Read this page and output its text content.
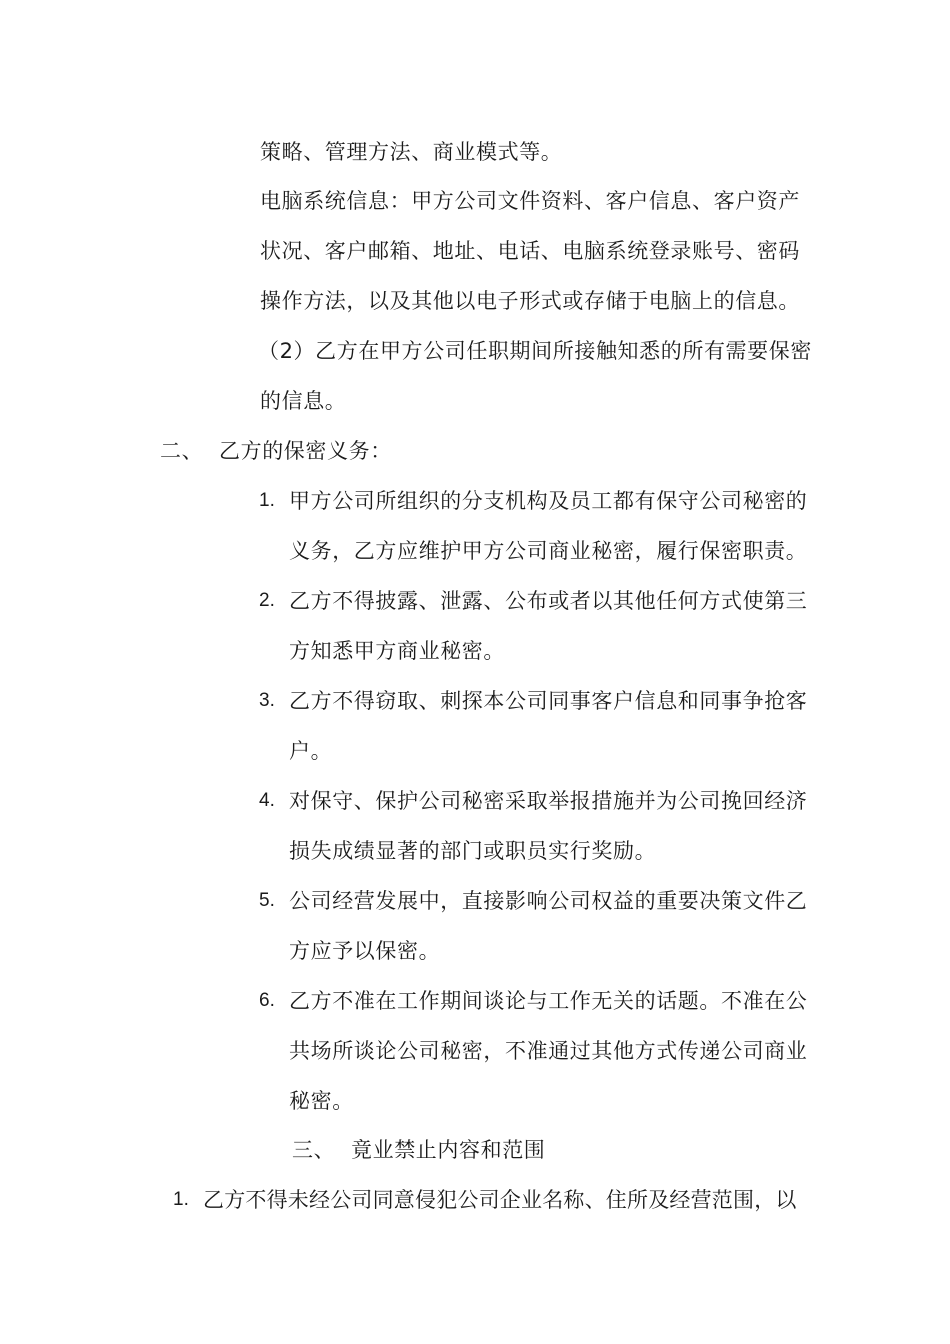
策略、管理方法、商业模式等。
电脑系统信息：甲方公司文件资料、客户信息、客户资产
状况、客户邮箱、地址、电话、电脑系统登录账号、密码
操作方法，以及其他以电子形式或存储于电脑上的信息。
（2）乙方在甲方公司任职期间所接触知悉的所有需要保密
的信息。
二、 乙方的保密义务：
1. 甲方公司所组织的分支机构及员工都有保守公司秘密的
义务，乙方应维护甲方公司商业秘密，履行保密职责。
2. 乙方不得披露、泄露、公布或者以其他任何方式使第三
方知悉甲方商业秘密。
3. 乙方不得窃取、刺探本公司同事客户信息和同事争抢客
户。
4. 对保守、保护公司秘密采取举报措施并为公司挽回经济
损失成绩显著的部门或职员实行奖励。
5. 公司经营发展中，直接影响公司权益的重要决策文件乙
方应予以保密。
6. 乙方不准在工作期间谈论与工作无关的话题。不准在公
共场所谈论公司秘密，不准通过其他方式传递公司商业
秘密。
三、 竟业禁止内容和范围
1. 乙方不得未经公司同意侵犯公司企业名称、住所及经营范围，以
